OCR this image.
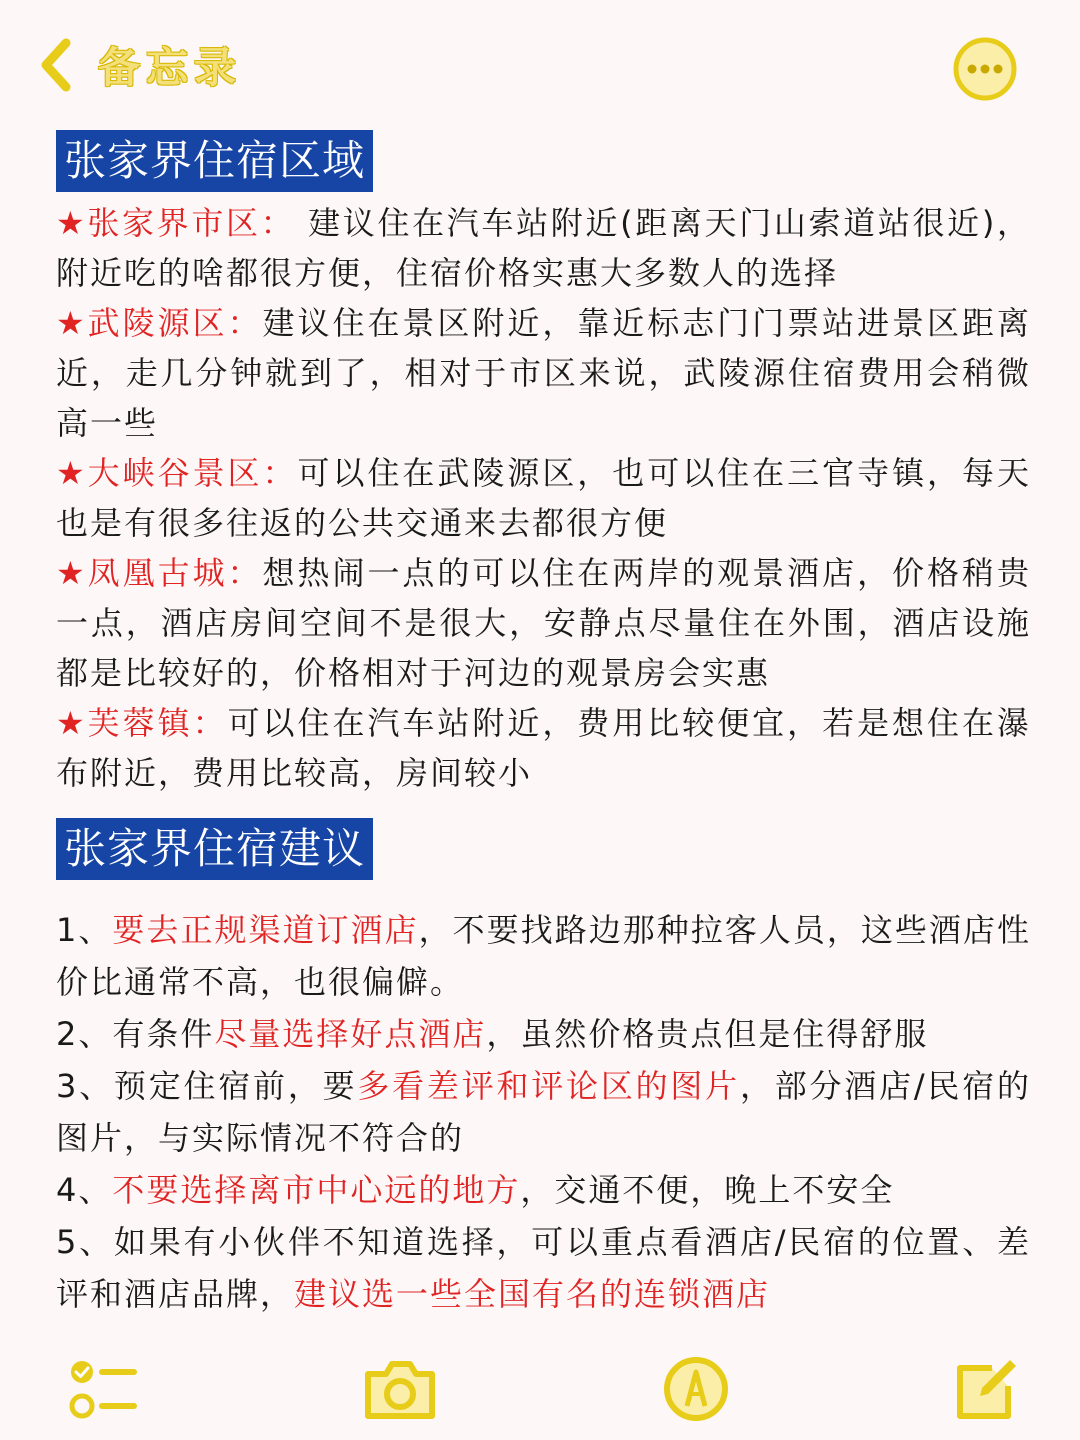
备忘录
张家界住宿区域

★张家界市区： 建议住在汽车站附近(距离天门山索道站很近)，附近吃的啥都很方便，住宿价格实惠大多数人的选择

★武陵源区：建议住在景区附近，靠近标志门门票站进景区距离近，走几分钟就到了，相对于市区来说，武陵源住宿费用会稍微高一些

★大峡谷景区：可以住在武陵源区，也可以住在三官寺镇，每天也是有很多往返的公共交通来去都很方便

★凤凰古城：想热闹一点的可以住在两岸的观景酒店，价格稍贵一点，酒店房间空间不是很大，安静点尽量住在外围，酒店设施都是比较好的，价格相对于河边的观景房会实惠

★芙蓉镇：可以住在汽车站附近，费用比较便宜，若是想住在瀑布附近，费用比较高，房间较小

张家界住宿建议

1、要去正规渠道订酒店，不要找路边那种拉客人员，这些酒店性价比通常不高，也很偏僻。

2、有条件尽量选择好点酒店，虽然价格贵点但是住得舒服

3、预定住宿前，要多看差评和评论区的图片，部分酒店/民宿的图片，与实际情况不符合的

4、不要选择离市中心远的地方，交通不便，晚上不安全

5、如果有小伙伴不知道选择，可以重点看酒店/民宿的位置、差评和酒店品牌，建议选一些全国有名的连锁酒店
